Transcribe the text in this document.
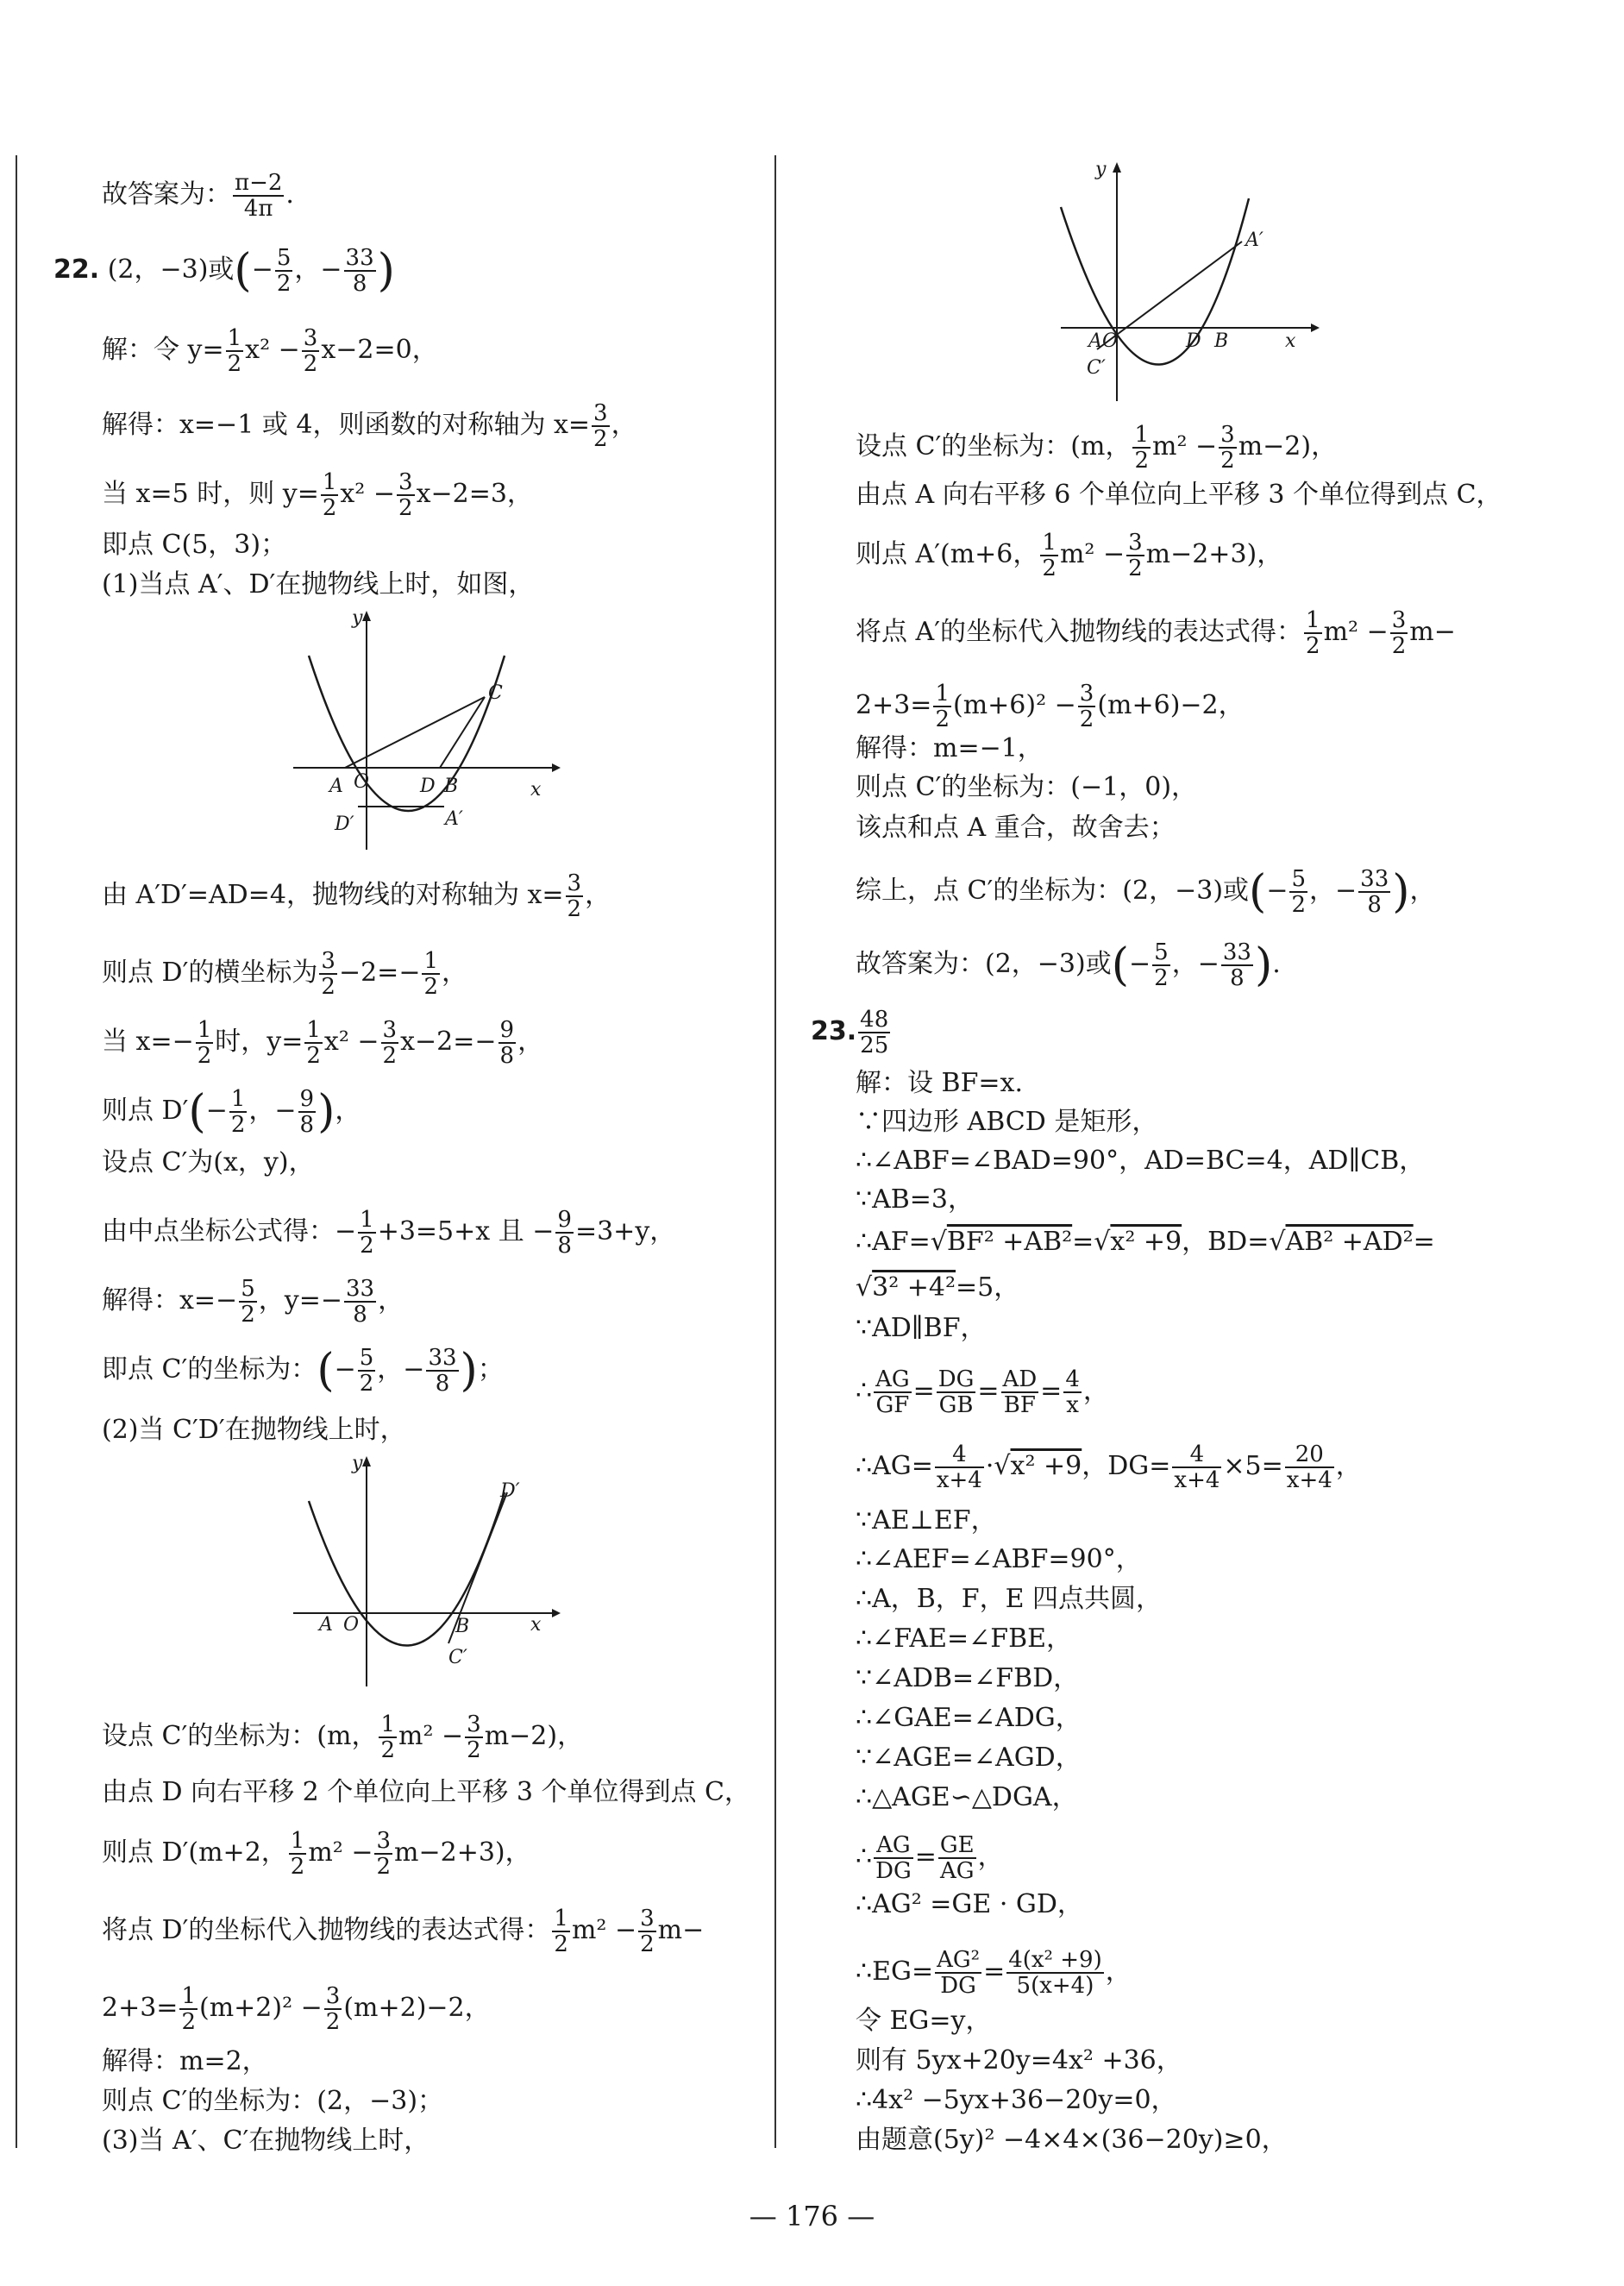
故答案为： $\frac{\pi-2}{4\pi}$ .
22. (2，−3)或(− $\frac{5}{2}$ ，− $\frac{33}{8}$ )
解：令 $y= \frac{1}{2} x^2 - \frac{3}{2} x-2=0$，
解得：x=−1 或 4，则函数的对称轴为 $x= \frac{3}{2}$ ，
当 x=5 时，则 $y= \frac{1}{2} x^2 - \frac{3}{2} x-2=3$，
即点 C(5，3)；
(1)当点 A′、D′在抛物线上时，如图，
y
x
A O	D B
C
D′	A′
由 A′D′=AD=4，抛物线的对称轴为 $x= \frac{3}{2}$ ，
则点 D′的横坐标为 $\frac{3}{2} -2=- \frac{1}{2}$ ，
当 $x=- \frac{1}{2}$ 时，$y= \frac{1}{2} x^2 - \frac{3}{2} x-2=- \frac{9}{8}$ ，
则点 $D'(- \frac{1}{2}$ ，− $\frac{9}{8}$ )，
设点 C′为(x，y)，
由中点坐标公式得：− $\frac{1}{2} +3=5+x$ 且 − $\frac{9}{8} =3+y$，
解得：$x=- \frac{5}{2}$ ，$y=- \frac{33}{8}$ ，
即点 C′的坐标为：(− $\frac{5}{2}$ ，− $\frac{33}{8}$ )；
(2)当 C′D′在抛物线上时，
y
x
A O	B
C′
D′
设点 C′的坐标为：(m， $\frac{1}{2} m^2 - \frac{3}{2} m-2$)，
由点 D 向右平移 2 个单位向上平移 3 个单位得到点 C，
则点 D′(m+2， $\frac{1}{2} m^2 - \frac{3}{2} m-2+3$)，
将点 D′的坐标代入抛物线的表达式得： $\frac{1}{2} m^2 - \frac{3}{2} m-$
$2+3= \frac{1}{2} (m+2)^2 - \frac{3}{2} (m+2)-2$，
解得：m=2，
则点 C′的坐标为：(2，−3)；
(3)当 A′、C′在抛物线上时，
y
x
A O	D B
A′
C′
设点 C′的坐标为：(m， $\frac{1}{2} m^2 - \frac{3}{2} m-2$)，
由点 A 向右平移 6 个单位向上平移 3 个单位得到点 C，
则点 A′(m+6， $\frac{1}{2} m^2 - \frac{3}{2} m-2+3$)，
将点 A′的坐标代入抛物线的表达式得： $\frac{1}{2} m^2 - \frac{3}{2} m-$
$2+3= \frac{1}{2} (m+6)^2 - \frac{3}{2} (m+6)-2$，
解得：m=−1，
则点 C′的坐标为：(−1，0)，
该点和点 A 重合，故舍去；
综上，点 C′的坐标为：(2，−3)或(− $\frac{5}{2}$ ，− $\frac{33}{8}$ )，
故答案为：(2，−3)或(− $\frac{5}{2}$ ，− $\frac{33}{8}$ ).
23. $\frac{48}{25}$
解：设 BF=x.
∵四边形 ABCD 是矩形，
∴∠ABF=∠BAD=90°，AD=BC=4，AD∥CB，
∵AB=3，
∴AF=√BF² +AB²=√x² +9，BD=√AB² +AD²=
√3² +4²=5，
∵AD∥BF，
∴ $\frac{AG}{GF} = \frac{DG}{GB} = \frac{AD}{BF} = \frac{4}{x}$ ，
∴AG= $\frac{4}{x+4} \cdot√x^2 +9$，$DG= \frac{4}{x+4} \times 5= \frac{20}{x+4}$ ，
∵AE⊥EF，
∴∠AEF=∠ABF=90°，
∴A，B，F，E 四点共圆，
∴∠FAE=∠FBE，
∵∠ADB=∠FBD，
∴∠GAE=∠ADG，
∵∠AGE=∠AGD，
∴△AGE∽△DGA，
∴ $\frac{AG}{DG} = \frac{GE}{AG}$ ，
∴AG² =GE · GD，
∴EG= $\frac{\text{AG²}}{DG} = \frac{\text{4(x² +9)}}{5(x+4)}$ ，
令 EG=y，
则有 5yx+20y=4x² +36，
∴4x² −5yx+36−20y=0，
由题意(5y)² −4×4×(36−20y)≥0，
— 176 —
